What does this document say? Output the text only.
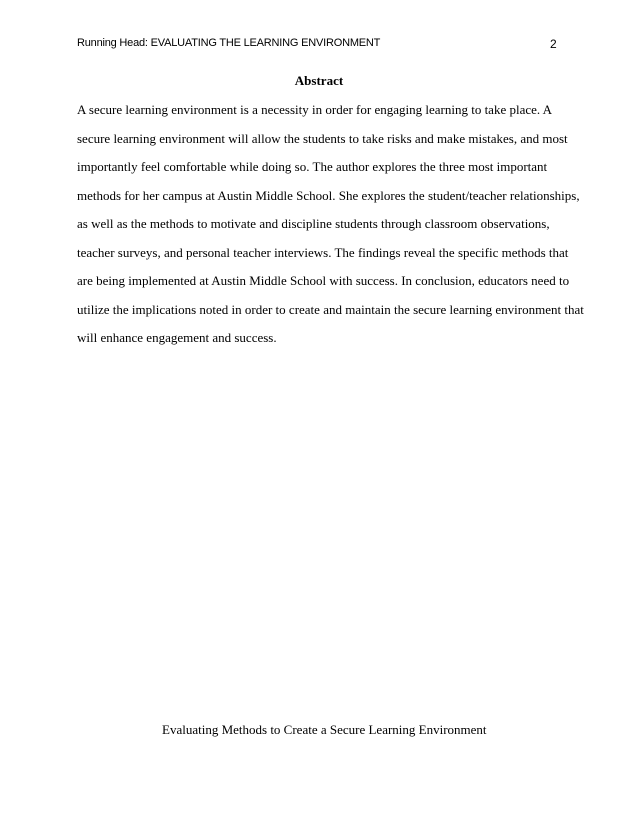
Running Head: EVALUATING THE LEARNING ENVIRONMENT	2
Abstract
A secure learning environment is a necessity in order for engaging learning to take place. A
secure learning environment will allow the students to take risks and make mistakes, and most
importantly feel comfortable while doing so. The author explores the three most important
methods for her campus at Austin Middle School. She explores the student/teacher relationships,
as well as the methods to motivate and discipline students through classroom observations,
teacher surveys, and personal teacher interviews. The findings reveal the specific methods that
are being implemented at Austin Middle School with success. In conclusion, educators need to
utilize the implications noted in order to create and maintain the secure learning environment that
will enhance engagement and success.
Evaluating Methods to Create a Secure Learning Environment
